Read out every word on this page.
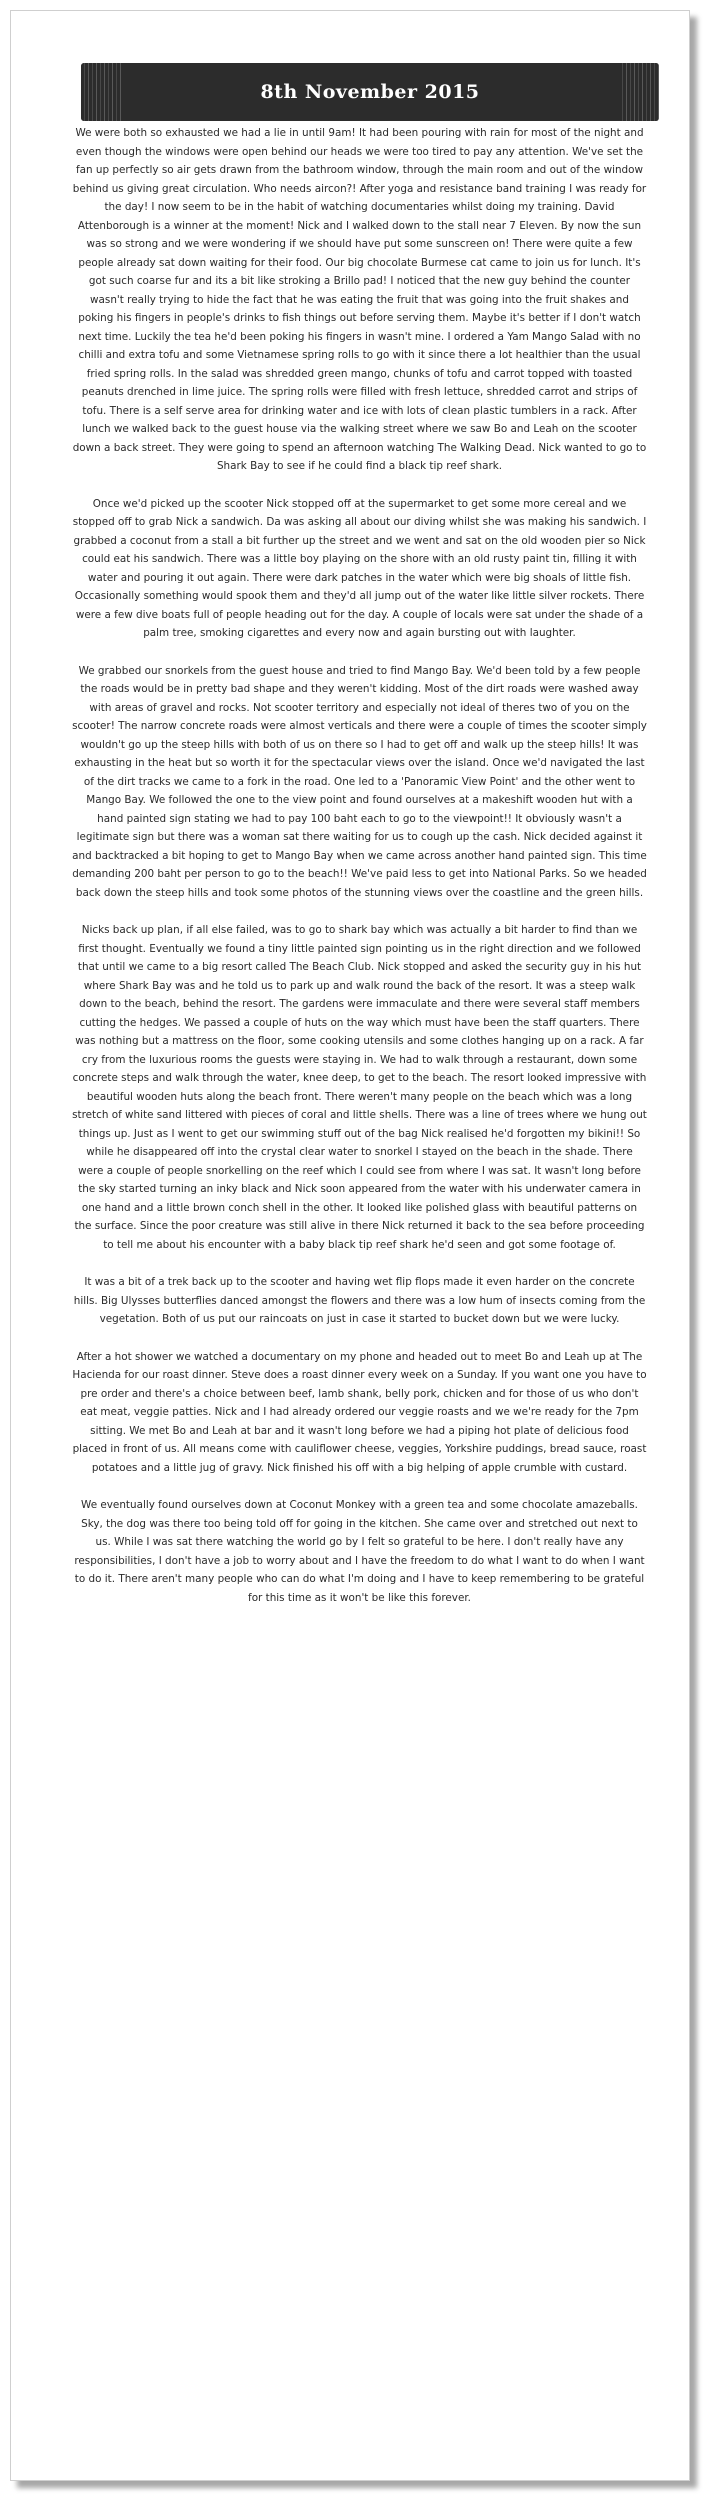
8th November 2015

We were both so exhausted we had a lie in until 9am! It had been pouring with rain for most of the night and even though the windows were open behind our heads we were too tired to pay any attention. We've set the fan up perfectly so air gets drawn from the bathroom window, through the main room and out of the window behind us giving great circulation. Who needs aircon?! After yoga and resistance band training I was ready for the day! I now seem to be in the habit of watching documentaries whilst doing my training. David Attenborough is a winner at the moment! Nick and I walked down to the stall near 7 Eleven. By now the sun was so strong and we were wondering if we should have put some sunscreen on! There were quite a few people already sat down waiting for their food. Our big chocolate Burmese cat came to join us for lunch. It's got such coarse fur and its a bit like stroking a Brillo pad! I noticed that the new guy behind the counter wasn't really trying to hide the fact that he was eating the fruit that was going into the fruit shakes and poking his fingers in people's drinks to fish things out before serving them. Maybe it's better if I don't watch next time. Luckily the tea he'd been poking his fingers in wasn't mine. I ordered a Yam Mango Salad with no chilli and extra tofu and some Vietnamese spring rolls to go with it since there a lot healthier than the usual fried spring rolls. In the salad was shredded green mango, chunks of tofu and carrot topped with toasted peanuts drenched in lime juice. The spring rolls were filled with fresh lettuce, shredded carrot and strips of tofu. There is a self serve area for drinking water and ice with lots of clean plastic tumblers in a rack. After lunch we walked back to the guest house via the walking street where we saw Bo and Leah on the scooter down a back street. They were going to spend an afternoon watching The Walking Dead. Nick wanted to go to Shark Bay to see if he could find a black tip reef shark.

Once we'd picked up the scooter Nick stopped off at the supermarket to get some more cereal and we stopped off to grab Nick a sandwich. Da was asking all about our diving whilst she was making his sandwich. I grabbed a coconut from a stall a bit further up the street and we went and sat on the old wooden pier so Nick could eat his sandwich. There was a little boy playing on the shore with an old rusty paint tin, filling it with water and pouring it out again. There were dark patches in the water which were big shoals of little fish. Occasionally something would spook them and they'd all jump out of the water like little silver rockets. There were a few dive boats full of people heading out for the day. A couple of locals were sat under the shade of a palm tree, smoking cigarettes and every now and again bursting out with laughter.

We grabbed our snorkels from the guest house and tried to find Mango Bay. We'd been told by a few people the roads would be in pretty bad shape and they weren't kidding. Most of the dirt roads were washed away with areas of gravel and rocks. Not scooter territory and especially not ideal of theres two of you on the scooter! The narrow concrete roads were almost verticals and there were a couple of times the scooter simply wouldn't go up the steep hills with both of us on there so I had to get off and walk up the steep hills! It was exhausting in the heat but so worth it for the spectacular views over the island. Once we'd navigated the last of the dirt tracks we came to a fork in the road. One led to a 'Panoramic View Point' and the other went to Mango Bay. We followed the one to the view point and found ourselves at a makeshift wooden hut with a hand painted sign stating we had to pay 100 baht each to go to the viewpoint!! It obviously wasn't a legitimate sign but there was a woman sat there waiting for us to cough up the cash. Nick decided against it and backtracked a bit hoping to get to Mango Bay when we came across another hand painted sign. This time demanding 200 baht per person to go to the beach!! We've paid less to get into National Parks. So we headed back down the steep hills and took some photos of the stunning views over the coastline and the green hills.

Nicks back up plan, if all else failed, was to go to shark bay which was actually a bit harder to find than we first thought. Eventually we found a tiny little painted sign pointing us in the right direction and we followed that until we came to a big resort called The Beach Club. Nick stopped and asked the security guy in his hut where Shark Bay was and he told us to park up and walk round the back of the resort. It was a steep walk down to the beach, behind the resort. The gardens were immaculate and there were several staff members cutting the hedges. We passed a couple of huts on the way which must have been the staff quarters. There was nothing but a mattress on the floor, some cooking utensils and some clothes hanging up on a rack. A far cry from the luxurious rooms the guests were staying in. We had to walk through a restaurant, down some concrete steps and walk through the water, knee deep, to get to the beach. The resort looked impressive with beautiful wooden huts along the beach front. There weren't many people on the beach which was a long stretch of white sand littered with pieces of coral and little shells. There was a line of trees where we hung out things up. Just as I went to get our swimming stuff out of the bag Nick realised he'd forgotten my bikini!! So while he disappeared off into the crystal clear water to snorkel I stayed on the beach in the shade. There were a couple of people snorkelling on the reef which I could see from where I was sat. It wasn't long before the sky started turning an inky black and Nick soon appeared from the water with his underwater camera in one hand and a little brown conch shell in the other. It looked like polished glass with beautiful patterns on the surface. Since the poor creature was still alive in there Nick returned it back to the sea before proceeding to tell me about his encounter with a baby black tip reef shark he'd seen and got some footage of.

It was a bit of a trek back up to the scooter and having wet flip flops made it even harder on the concrete hills. Big Ulysses butterflies danced amongst the flowers and there was a low hum of insects coming from the vegetation. Both of us put our raincoats on just in case it started to bucket down but we were lucky.

After a hot shower we watched a documentary on my phone and headed out to meet Bo and Leah up at The Hacienda for our roast dinner. Steve does a roast dinner every week on a Sunday. If you want one you have to pre order and there's a choice between beef, lamb shank, belly pork, chicken and for those of us who don't eat meat, veggie patties. Nick and I had already ordered our veggie roasts and we we're ready for the 7pm sitting. We met Bo and Leah at bar and it wasn't long before we had a piping hot plate of delicious food placed in front of us. All means come with cauliflower cheese, veggies, Yorkshire puddings, bread sauce, roast potatoes and a little jug of gravy. Nick finished his off with a big helping of apple crumble with custard.

We eventually found ourselves down at Coconut Monkey with a green tea and some chocolate amazeballs. Sky, the dog was there too being told off for going in the kitchen. She came over and stretched out next to us. While I was sat there watching the world go by I felt so grateful to be here. I don't really have any responsibilities, I don't have a job to worry about and I have the freedom to do what I want to do when I want to do it. There aren't many people who can do what I'm doing and I have to keep remembering to be grateful for this time as it won't be like this forever.
